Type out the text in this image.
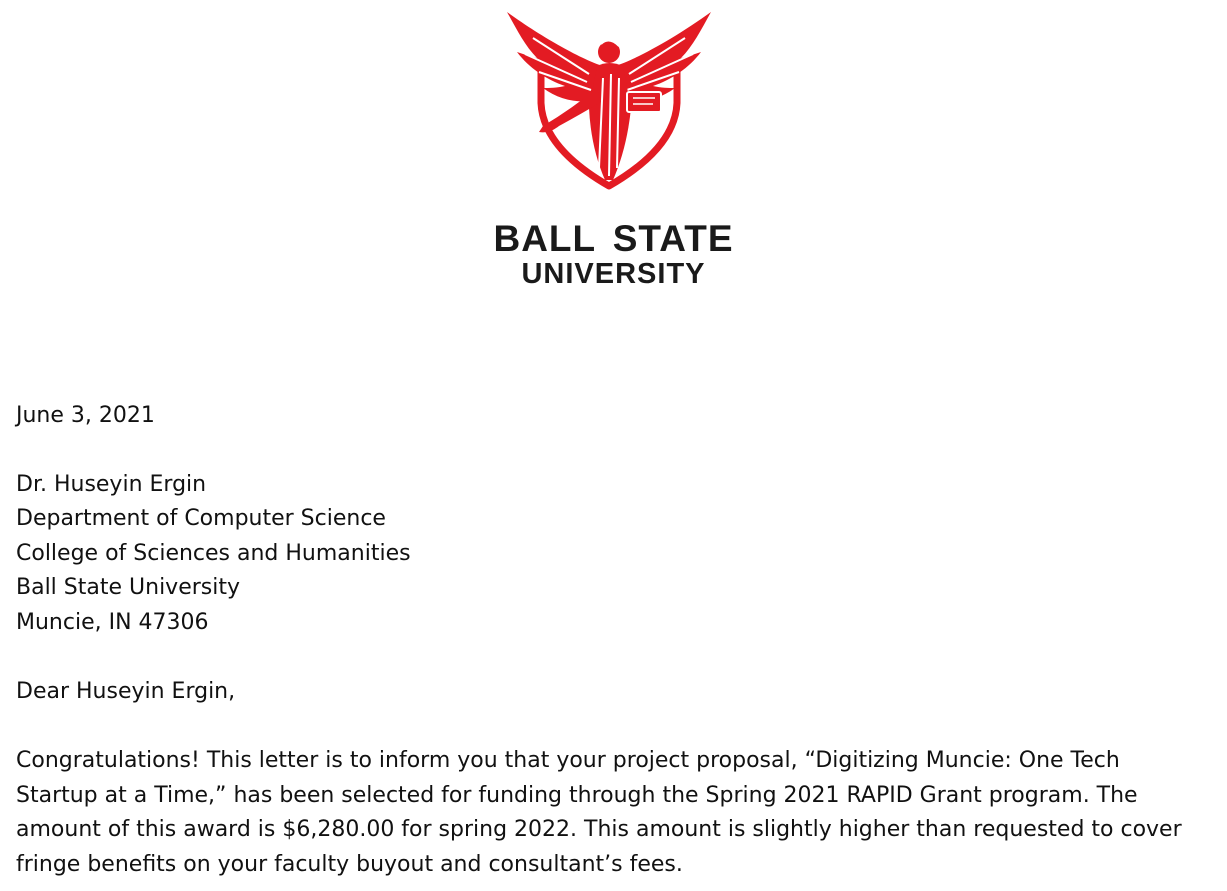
BALL STATE
UNIVERSITY
June 3, 2021
Dr. Huseyin Ergin
Department of Computer Science
College of Sciences and Humanities
Ball State University
Muncie, IN 47306
Dear Huseyin Ergin,
Congratulations! This letter is to inform you that your project proposal, “Digitizing Muncie: One Tech
Startup at a Time,” has been selected for funding through the Spring 2021 RAPID Grant program. The
amount of this award is $6,280.00 for spring 2022. This amount is slightly higher than requested to cover
fringe benefits on your faculty buyout and consultant’s fees.
